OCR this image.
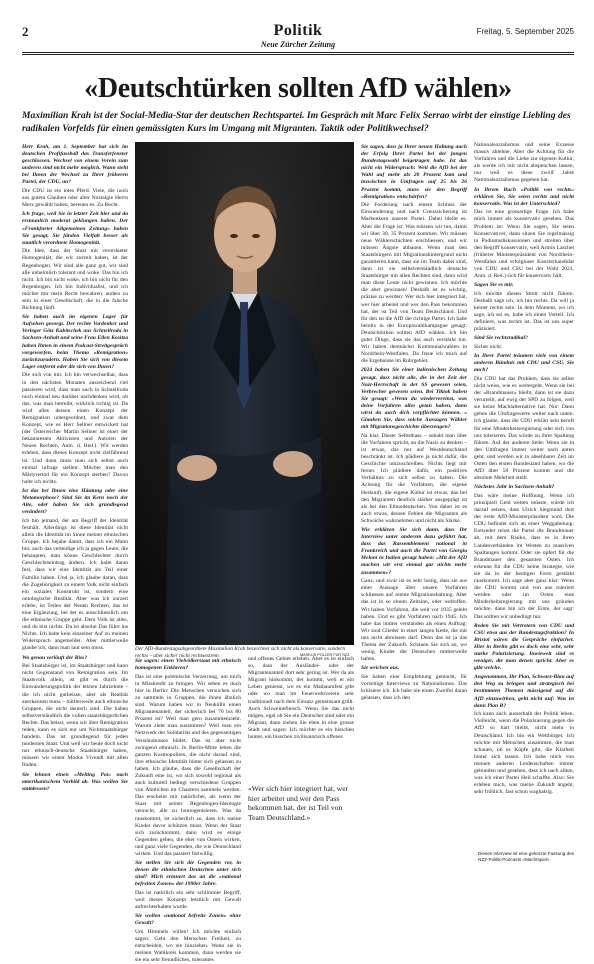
2	Politik
Neue Zürcher Zeitung
Freitag, 5. September 2025
«Deutschtürken sollten AfD wählen»
Maximilian Krah ist der Social-Media-Star der deutschen Rechtspartei. Im Gespräch mit Marc Felix Serrao wirbt der einstige Liebling des radikalen Vorfelds für einen gemässigten Kurs im Umgang mit Migranten. Taktik oder Politikwechsel?

Herr Krah, am 1. September hat sich im deutschen Profifussball das Transferfenster geschlossen. Wechsel von einem Verein zum anderen sind nicht mehr möglich. Wann steht bei Ihnen der Wechsel zu Ihrer früheren Partei, der CDU, an?

Die CDU ist ein totes Pferd. Viele, die noch aus gutem Glauben oder alter Nostalgie Herrn Merz gewählt haben, bereuen es. Zu Recht.

Ich frage, weil Sie in letzter Zeit hier und da erstaunlich moderat geklungen haben. Der «Frankfurter Allgemeinen Zeitung» haben Sie gesagt, Sie fänden Vielfalt besser als staatlich verordnete Homogenität.

Die Idee, dass der Staat mit verordneter Homogenität, die wir zurzeit haben, ist der Regenbogen. Wir sind alle ganz gut, wir sind alle unheimlich tolerant und woke. Das bin ich nicht. Ich bin nicht woke, ich bin nicht für den Regenbogen. Ich bin Individualist, und ich möchte mir mein Recht bewahren, anders zu sein in einer Gesellschaft, die in die falsche Richtung läuft.

Sie haben auch im eigenen Lager für Aufsehen gesorgt. Der rechte Vordenker und Verleger Götz Kubitschek aus Schnellroda in Sachsen-Anhalt und seine Frau Ellen Kositza haben Ihnen in einem Podcast-Streitgespräch vorgeworfen, beim Thema «Remigration» zurückzurudern. Haben Sie sich von diesem Lager entfernt oder die sich von Ihnen?

Die sich von mir. Ich bin verwechselbar, dass in den nächsten Monaten ausreichend viel passieren wird, dass man auch in Schnellroda noch einmal neu darüber nachdenken wird, ob das, was man betreibt, wirklich richtig ist. Da wird alles dessen einen Konzept der Remigration untergeordnet, und zwar dem Konzept, wie es Herr Sellner entwickelt hat (der Österreicher Martin Sellner ist einer der bekanntesten Aktivisten und Autoren der Neuen Rechten, Anm. d. Red.). Wir werden erleben, dass dieses Konzept nicht zielführend ist. Und dann muss man sich selbst auch einmal infrage stellen: Möchte man den Märtyrertod für ein Konzept sterben? Davon halte ich nichts.

Ist das bei Ihnen eine Häutung oder eine Metamorphose? Sind Sie im Kern noch der Alte, oder haben Sie sich grundlegend verändert?

Ich bin jemand, der am Begriff der Identität festhält. Allerdings ist diese Identität nicht allein die Identität im Sinne meiner ethnischen Gruppe. Ich bejahe damit, dass ich ein Mann bin; auch das verteidige ich ja gegen Leute, die behaupten, man könne Geschlechter durch Geschlechtseintrag ändern. Ich halte daran fest, dass wir eine Identität als Teil einer Familie haben. Und ja, ich glaube daran, dass die Zugehörigkeit zu einem Volk nicht einfach ein soziales Konstrukt ist, sondern eine ontologische Realität. Aber was ich zurzeit erlebe, ist Teilen der Neuen Rechten, das ist eine Ergänzung, bei der es ausschliesslich um die ethnische Gruppe geht. Dem Volk ist alles, und du bist nichts. Da ist absolut Das führt ins Nichts. Ich halte kein einzelner Auf zu meinen Widerspruch angemeldet. Aber mittlerweile glaube ich, dann man laut sein muss.

Wo genau verläuft der Riss?

Bei Staatsbürger ist, im Staatsbürger und kann nicht Gegenstand von Remigration sein. Im Staatsvolk allein, ist gibt es durch die Einwanderungspolitik der letzten Jahrzehnte – die ich nicht gutheisse, aber als Realität anerkennen muss – mittlerweile auch ethnische Gruppen, die nicht deutsch sind. Die haben selbstverständlich die vollen staatsbürgerlichen Rechte. Das heisst, wenn wir über Remigration reden, kann es sich nur um Nichtstaatsbürger handeln. Das ist grundlegend für jeden modernen Staat. Und weil wir heute doch nicht nur ethnisch-deutsche Staatsbürger haben, müssen wir einen Modus Vivendi mit allen finden.

Sie lehnen einen «Melting Pot» nach amerikanischem Vorbild ab. Was wollen Sie stattdessen?

Der AfD-Bundestagsabgeordnete Maximilian Krah bezeichnet sich nicht als konservativ, sondern rechts – aber sicher nicht rechtsextrem.	MARKUS POLLER FÜR NZZ

Sie sagen: einen Vielvölkerstaat mit ethnisch homogenen Enklaven?

Das ist eine polemische Verzerrung, um mich in Misskredit zu bringen. Wir sehen es doch hier in Berlin: Die Menschen versuchen sich zu sammeln in Gruppen, die ihnen ähnlich sind. Warum haben wir in Neukölln einen Migrantenanteil, der sicherlich bei 70 bis 80 Prozent ist? Weil man gern zusammenzieht. Warum zieht man zusammen? Weil man ein Netzwerk der Solidarität und des gegenseitigen Verständnisses bildet. Das ist aber nicht zwingend ethnisch. In Berlin-Mitte leben die ganzen Kosmopoliten, die nicht darauf sind, ihre ethnische Identität hinter sich gelassen zu haben. Ich glaube, dass die Gesellschaft der Zukunft eine ist, wo sich sowohl regional als auch kulturell bedingt verschiedene Gruppen von Ähnlichen im Chaotern sammeln werden. Das erscheint mir natürlicher, als wenn der Staat mit seiner Regenbogen-Ideologie versucht, alle zu homogenisieren. Was da rauskommt, ist sicherlich so, dass ich meine Kinder davor schützen muss. Wenn der Staat sich zurücknimmt, dann wird es einige Gegenden geben, die eher von Ostern wirken, und ganz viele Gegenden, die wie Deutschland wirken. Und das passiert freiwillig.

Sie stellen Sie sich die Gegenden vor, in denen die ethnischen Deutschen unter sich sind? Mich erinnert das an die «national befreiten Zonen» der 1990er Jahre.

Das ist natürlich ein sehr schlimmer Begriff, weil dieses Konzept letztlich mit Gewalt aufrechterhalten wurde.

Sie wollen «national befreite Zonen» ohne Gewalt?

Um Himmels willen! Ich möchte einfach sagen: Geht den Menschen Freiheit, zu entscheiden, wo sie hinziehen. Wenn sie in meinen Wahlkreis kommen, dann werden sie sie ein sehr freundliches, tolerantes

und offenes Gebiet erleben. Aber es ist einfach so, dass der Ausländer- oder der Migrantenanteil dort sehr gering ist. Wer da als Migrant hinkommt, der kommt, weil er ein Leben geniesst, wo es ein Maibaumfest gibt oder wo man im Feuerwehrverein sehr traditionell nach dem Einsatz gemeinsam grillt. Auch Schweinefleisch. Wenn Sie das nicht mögen, egal ob Sie ein Deutscher sind oder ein Migrant, dann ziehen Sie eben in eine grosse Stadt und sagen: Ich möchte es ein bisschen bunter, ein bisschen zivilisatorisch offener.

«Wer sich hier integriert hat, wer hier arbeitet und wer den Pass bekommen hat, der ist Teil von Team Deutschland.»

Sie sagen, dass ja Ihrer neuen Haltung auch der Erfolg Ihrer Partei bei der jungen Bundestagswahl beigetragen habe. Ist das nicht ein Widerspruch: Weil die AfD bei der Wahl auf mehr als 20 Prozent kam und inzwischen in Umfragen auf 25 bis 26 Prozent kommt, muss sie den Begriff «Remigration» entschärfen?

Die Forderung nach einem Schluss der Einwanderung und nach Grenzsicherung ist Markenkern unserer Partei. Dabei bleibt es. Aber die Frage ist: Was müssen wir tun, damit wir über 30, 35 Prozent kommen. Wir müssen neue Wählerschichten erschliessen, und wir müssen Ängste abbauen. Wenn man den Staatsbürgern mit Migrationshintergrund nicht garantieren kann, dass sie im Team dabei sind, dann ist sie selbstverständlich deutsche Staatsbürger mit allen Rechten sind, dann wird man diese Leute nicht gewinnen. Ich möchte die aber gewinnen! Deshalb ist es wichtig, präzise zu werden: Wer sich hier integriert hat, wer hier arbeitet und wer den Pass bekommen hat, der ist Teil von Team Deutschland. Und für den ist die AfD die richtige Partei. Ich habe bereits in der Europawahlkampagne gesagt: Deutschtürken sollten AfD wählen. Ich bin guter Dinge, dass sie das auch verstärkt tun. Wir haben demnächst Kommunalwahlen in Nordrhein-Westfalen. Da freue ich mich auf die Ergebnisse im Ruhrgebiet.

2024 haben Sie einer italienischen Zeitung gesagt, dass nicht alle, die in der Zeit der Nazi-Herrschaft in der SS gewesen seien, Verbrecher gewesen seien. Bei Tiktok haben Sie gesagt: «Wenn du wiedervereinst, was deine Vorfahren alles getan haben, dann wirst du auch dich verpflichtet können. » Glauben Sie, dass solche Aussagen Wähler mit Migrationsgeschichte überzeugen?

Na klar. Dieser Selbsthass – sobald man über die Vorfahren spricht, an die Nazis zu denken – ist etwas, das nur auf Westdeutschland beschränkt ist. Ich plädiere ja nicht dafür, die Geschichte umzuschreiben. Nichts liegt mir ferner. Ich plädiere dafür, ein positives Verhältnis zu sich selbst zu haben. Die Achtung für die Vorfahren, die eigene Herkunft, die eigene Kultur ist etwas, das bei den Migranten deutlich stärker ausgeprägt ist als bei den Ethnodeutschen. Von daher ist es auch etwas, dessen Fehlen die Migranten als Schwäche wahrnehmen und nicht als Stärke.

Wie erklären Sie sich dann, dass Ihr Interview unter anderem dazu geführt hat, dass das Rassemblement national in Frankreich und auch die Partei von Giorgia Meloni in Italien gesagt haben: «Mit der AfD machen wir erst einmal gar nichts mehr zusammen»?

Ganz, und zwar ist es sehr lustig, dass sie aus einer Aussage über unsere Vorfahren schliessen auf meine Migrationshaltung. Aber das ist in so einem Zeitsinn, oder weltoffen. Wir haben Vorfahren, die weit vor 1935 gelebt haben. Und es gibt Vorfahren nach 1945. Ich habe das immer verstanden als einen Auftrag: Wir sind Glieder in einer langen Kette, die mit uns nicht abreissen darf. Denn das ist ja das Thema der Zukunft. Schauen Sie sich an, wo wenig Kinder die Deutschen mittlerweile haben.

Sie weichen aus.

Sie haben eine Empfehlung gemacht, für vorzeitige Interviews zu Nationalismus. Das kritisiere ich. Ich habe nie einen Zweifel daran gelassen, dass ich den

Nationalsozialismus und seine Exzesse massiv ablehne. Aber die Achtung für die Vorfahren und die Liebe zur eigenen Kultur, als werde ich mir nicht abspenchen lassen, nur weil es diese zwölf Jahre Nationalsozialismus gegeben hat.

In Ihrem Buch «Politik von rechts» erklären Sie, Sie seien rechts und nicht konservativ. Was ist der Unterschied?

Das ist eine grossartige Frage. Ich habe mich immer als konservativ gesehen. Das Problem ist: Wenn Sie sagen, Sie seien Konservativer, dann sitzen Sie regelmässig in Podiumsdiskussionen und streiten über den Begriff konservativ, weil Armin Laschet (früherer Ministerpräsident von Nordrhein-Westfalen und erfolgloser Kanzlerkandidat von CDU und CSU bei der Wahl 2021, Anm. d. Red.) sich für konservativ hält.

Sagen Sie es mir.

Ich möchte diesen Streit nicht führen. Deshalb sage ich, ich bin rechts. Da will ja keiner rechts sein. In dem Moment, wo ich sage, ich sei es, habe ich einen Vorteil: Ich definiere, was rechts ist. Das ist uns super präzisiert.

Sind Sie rechtsradikal?

Sicher nicht.

In Ihrer Partei träumen viele von einem anderen Bündnis mit CDU und CSU. Sie auch?

Die CDU hat das Problem, dass sie selbst nicht weiss, wie es weitergeht. Wenn sie bei der «Brandmauer» bleibt, dann ist sie dazu verurteilt, auf ewig der SPD zu folgen, weil sie keine Machtalternative hat. Nur: Dann gehen die Umfragewerte weiter nach unten. Ich glaube, dass die CDU erklärt sein beruft für eine Minderheitsregierung oder sich von uns tolerieren. Das würde zu ihrer Spaltung führen. Auf der anderen Seite: Wenn sie in den Umfragen immer weiter nach unten geht, und werden wir in absehbarer Zeit im Osten den ersten Bundesland haben, wo die AfD über 50 Prozent kommt und die absolute Mehrheit stellt.

Nächstes Jahr in Sachsen-Anhalt?

Das wäre meine Hoffnung. Wenn ich prinzipiell Geld wetten müsste, würde ich darauf setzen, dass Ulrich Siegmund dort der erste AfD-Ministerpräsident wird. Die CDU befindet sich an einer Weggabelung: Entweder reisst die Partei die Brandmauer ab, mit dem Risiko, dass es in ihren Landesverbänden im Westen zu massiven Spaltungen kommt. Oder sie opfert für die Brandmauer den gesamten Osten. Ich erkenne für die CDU keine Strategie, wie sie da in der heutigen Form gestärkt rauskommt. Ich sage aber ganz klar: Wenn die CDU kommt und von uns toleriert werden oder im Osten eine Minderheitsregierung mit uns gründen möchte, dann bin ich der Erste, der sagt: Das sollten wir unbedingt tun.

Reden Sie mit Vertretern von CDU und CSU etwa aus der Bundestagsfraktion? In Bristol wären die Gespräche einfacher. Hier in Berlin gibt es doch eine sehr, sehr starke Polarisierung. Inwieweit sind es weniger, die man denen spricht. Aber es gibt welche.

Angenommen, Ihr Plan, Schwarz-Blau auf den Weg zu bringen und strategisch bei bestimmten Themen mässigend auf die AfD einzuwirken, geht nicht auf: Was ist dann Plan B?

Ich kann auch ausserhalb der Politik leben. Vielleicht, wenn die Polarisierung gegen die AfD so hart bleibt, nicht mehr in Deutschland. Ich bin ein Weltbürger. Ich möchte mit Menschen zusammen, die man schauen, ob es Köpfe gibt, die Klarheit hinter sich lassen. Ich habe mich von meinen anderen Leidenschaften immer gebunden und gesehen, dass ich nach allem, was ich einer Partei Heil schaffte. Also: Sie erleben mich, was meine Zukunft angeht, sehr fröhlich, fast schon waghalsig.

Dieses Interview ist eine gekürzte Fassung des NZZ-Politik-Podcasts «Machtspiel».
